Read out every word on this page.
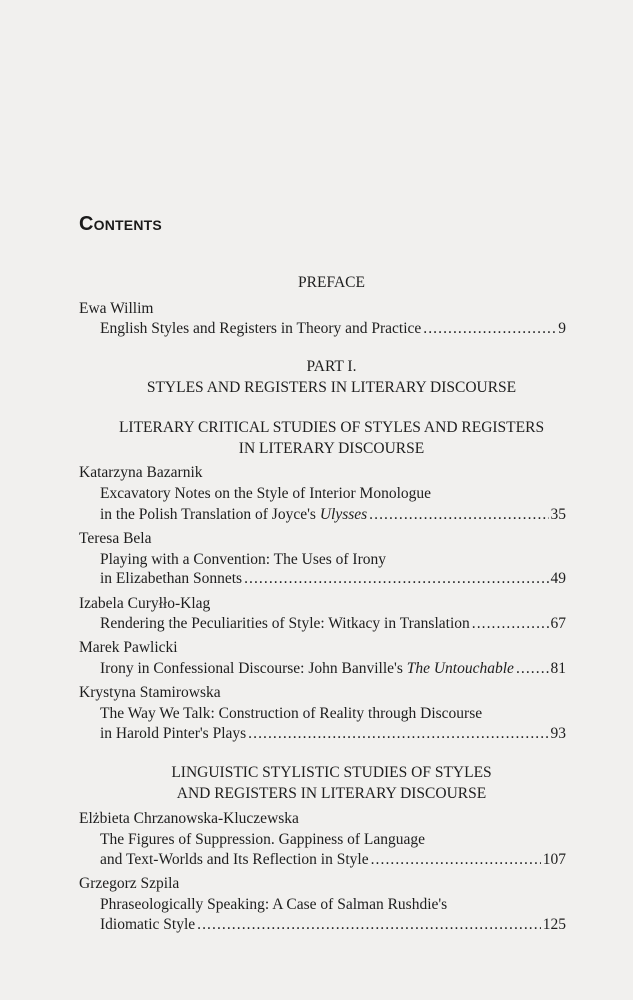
Contents
PREFACE
Ewa Willim
English Styles and Registers in Theory and Practice . . .	9
PART I.
STYLES AND REGISTERS IN LITERARY DISCOURSE
LITERARY CRITICAL STUDIES OF STYLES AND REGISTERS
IN LITERARY DISCOURSE
Katarzyna Bazarnik
Excavatory Notes on the Style of Interior Monologue
in the Polish Translation of Joyce's Ulysses . . .	35
Teresa Bela
Playing with a Convention: The Uses of Irony
in Elizabethan Sonnets . . .	49
Izabela Curyłło-Klag
Rendering the Peculiarities of Style: Witkacy in Translation . . .	67
Marek Pawlicki
Irony in Confessional Discourse: John Banville's The Untouchable . . . 81
Krystyna Stamirowska
The Way We Talk: Construction of Reality through Discourse
in Harold Pinter's Plays . . .	93
LINGUISTIC STYLISTIC STUDIES OF STYLES
AND REGISTERS IN LITERARY DISCOURSE
Elżbieta Chrzanowska-Kluczewska
The Figures of Suppression. Gappiness of Language
and Text-Worlds and Its Reflection in Style . . .	107
Grzegorz Szpila
Phraseologically Speaking: A Case of Salman Rushdie's
Idiomatic Style . . .	125
